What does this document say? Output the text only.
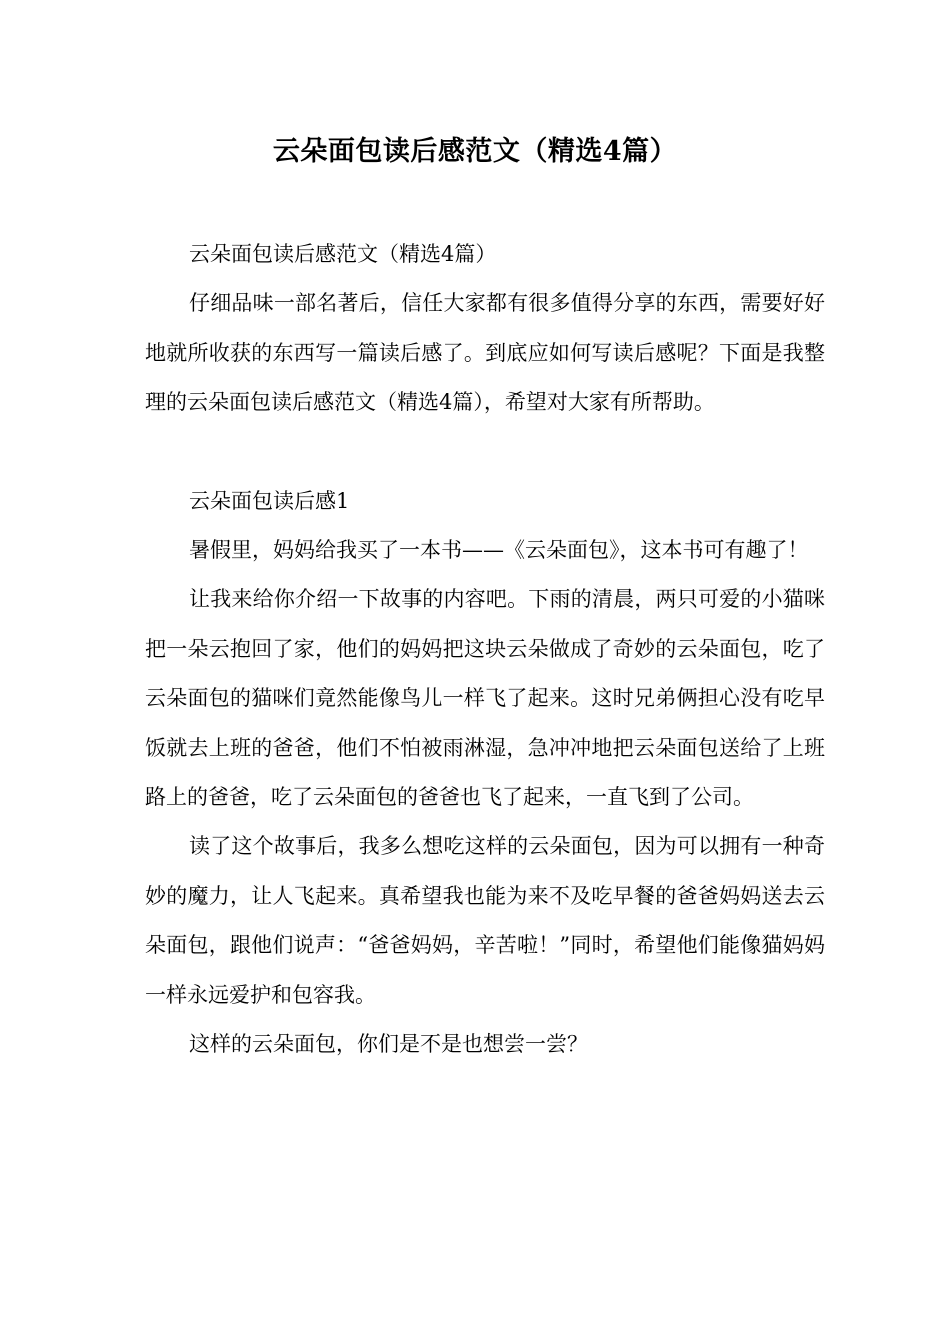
云朵面包读后感范文（精选4篇）

云朵面包读后感范文（精选4篇）

仔细品味一部名著后，信任大家都有很多值得分享的东西，需要好好地就所收获的东西写一篇读后感了。到底应如何写读后感呢？下面是我整理的云朵面包读后感范文（精选4篇），希望对大家有所帮助。

云朵面包读后感1

暑假里，妈妈给我买了一本书——《云朵面包》，这本书可有趣了！

让我来给你介绍一下故事的内容吧。下雨的清晨，两只可爱的小猫咪把一朵云抱回了家，他们的妈妈把这块云朵做成了奇妙的云朵面包，吃了云朵面包的猫咪们竟然能像鸟儿一样飞了起来。这时兄弟俩担心没有吃早饭就去上班的爸爸，他们不怕被雨淋湿，急冲冲地把云朵面包送给了上班路上的爸爸，吃了云朵面包的爸爸也飞了起来，一直飞到了公司。

读了这个故事后，我多么想吃这样的云朵面包，因为可以拥有一种奇妙的魔力，让人飞起来。真希望我也能为来不及吃早餐的爸爸妈妈送去云朵面包，跟他们说声：“爸爸妈妈，辛苦啦！”同时，希望他们能像猫妈妈一样永远爱护和包容我。

这样的云朵面包，你们是不是也想尝一尝？
